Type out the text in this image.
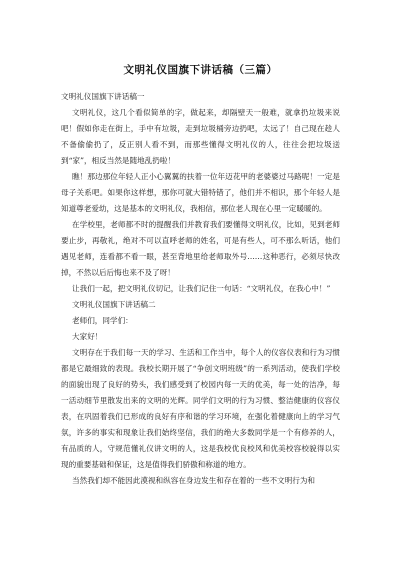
文明礼仪国旗下讲话稿（三篇）

文明礼仪国旗下讲话稿一

文明礼仪，这几个看似简单的字，做起来，却隔壁天一般难，就拿扔垃圾来说吧！假如你走在街上，手中有垃圾，走到垃圾桶旁边扔吧，太远了！自己现在趁人不备偷偷扔了，反正别人看不到，而那些懂得文明礼仪的人，往往会把垃圾送到“家”，相反当然是随地乱扔啦！

瞧！那边那位年轻人正小心翼翼的扶着一位年迈花甲的老婆婆过马路呢！一定是母子关系吧。如果你这样想，那你可就大错特错了，他们并不相识，那个年轻人是知道尊老爱幼，这是基本的文明礼仪，我相信，那位老人现在心里一定暖暖的。

在学校里，老师都不时的提醒我们并教育我们要懂得文明礼仪，比如，见到老师要止步，再敬礼，绝对不可以直呼老师的姓名，可是有些人，可不那么听话，他们遇见老师，连看都不看一眼，甚至背地里给老师取外号……这种恶行，必须尽快改掉，不然以后后悔也来不及了呀！

让我们一起，把文明礼仪切记，让我们记住一句话：“文明礼仪，在我心中！”

文明礼仪国旗下讲话稿二

老师们，同学们：

大家好！

文明存在于我们每一天的学习、生活和工作当中，每个人的仪容仪表和行为习惯都是它最细致的表现。我校长期开展了“争创文明班级”的一系列活动，使我们学校的面貌出现了良好的势头，我们感受到了校园内每一天的优美，每一处的洁净，每一活动细节里散发出来的文明的光辉。同学们文明的行为习惯、整洁健康的仪容仪表，在巩固着我们已形成的良好有序和谐的学习环境，在强化着健康向上的学习气氛，许多的事实和现象让我们始终坚信，我们的绝大多数同学是一个有修养的人，有品质的人，守规范懂礼仪讲文明的人，这是我校优良校风和优美校容校貌得以实现的重要基础和保证，这是值得我们骄傲和称道的地方。

当然我们却不能因此漠视和纵容在身边发生和存在着的一些不文明行为和
